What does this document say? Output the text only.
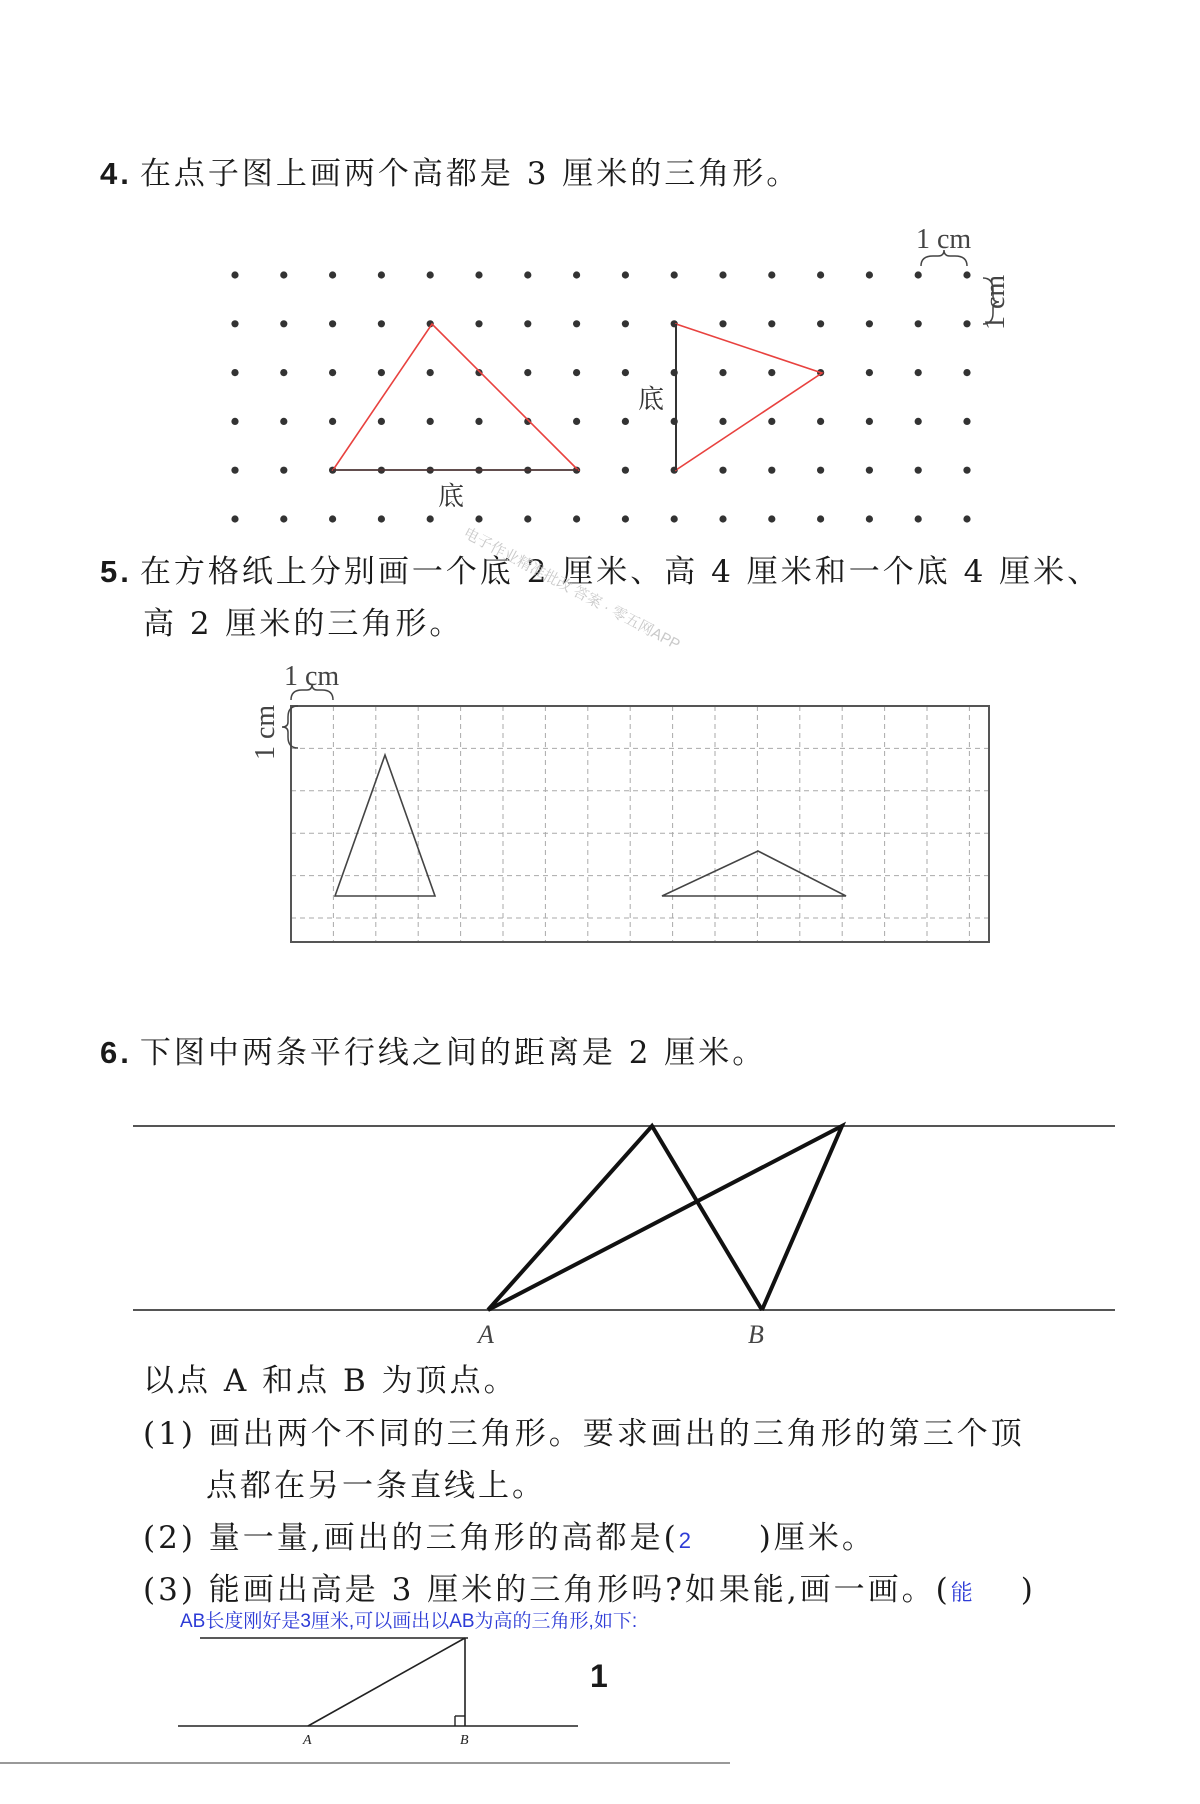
4. 在点子图上画两个高都是 3 厘米的三角形。
底
底
1 cm
1 cm
5. 在方格纸上分别画一个底 2 厘米、高 4 厘米和一个底 4 厘米、
高 2 厘米的三角形。
1 cm
1 cm
6. 下图中两条平行线之间的距离是 2 厘米。
A	B
以点 A 和点 B 为顶点。
(1) 画出两个不同的三角形。要求画出的三角形的第三个顶
点都在另一条直线上。
(2) 量一量,画出的三角形的高都是(2 )厘米。
(3) 能画出高是 3 厘米的三角形吗?如果能,画一画。(能 )
AB长度刚好是3厘米,可以画出以AB为高的三角形,如下:
A	B
1
电子作业精准批改 答案 · 零五网APP
